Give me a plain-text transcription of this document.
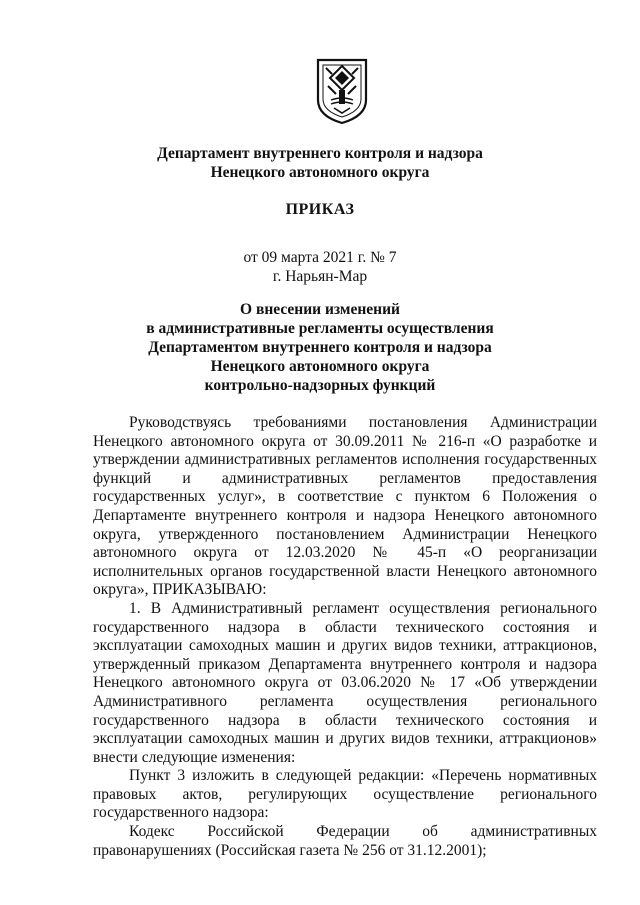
Департамент внутреннего контроля и надзора
Ненецкого автономного округа
ПРИКАЗ
от 09 марта 2021 г. № 7
г. Нарьян-Мар
О внесении изменений
в административные регламенты осуществления
Департаментом внутреннего контроля и надзора
Ненецкого автономного округа
контрольно-надзорных функций

Руководствуясь требованиями постановления Администрации Ненецкого автономного округа от 30.09.2011 № 216-п «О разработке и утверждении административных регламентов исполнения государственных функций и административных регламентов предоставления государственных услуг», в соответствие с пунктом 6 Положения о Департаменте внутреннего контроля и надзора Ненецкого автономного округа, утвержденного постановлением Администрации Ненецкого автономного округа от 12.03.2020 № 45-п «О реорганизации исполнительных органов государственной власти Ненецкого автономного округа», ПРИКАЗЫВАЮ:

1. В Административный регламент осуществления регионального государственного надзора в области технического состояния и эксплуатации самоходных машин и других видов техники, аттракционов, утвержденный приказом Департамента внутреннего контроля и надзора Ненецкого автономного округа от 03.06.2020 № 17 «Об утверждении Административного регламента осуществления регионального государственного надзора в области технического состояния и эксплуатации самоходных машин и других видов техники, аттракционов» внести следующие изменения:

Пункт 3 изложить в следующей редакции: «Перечень нормативных правовых актов, регулирующих осуществление регионального государственного надзора:

Кодекс Российской Федерации об административных правонарушениях (Российская газета № 256 от 31.12.2001);
